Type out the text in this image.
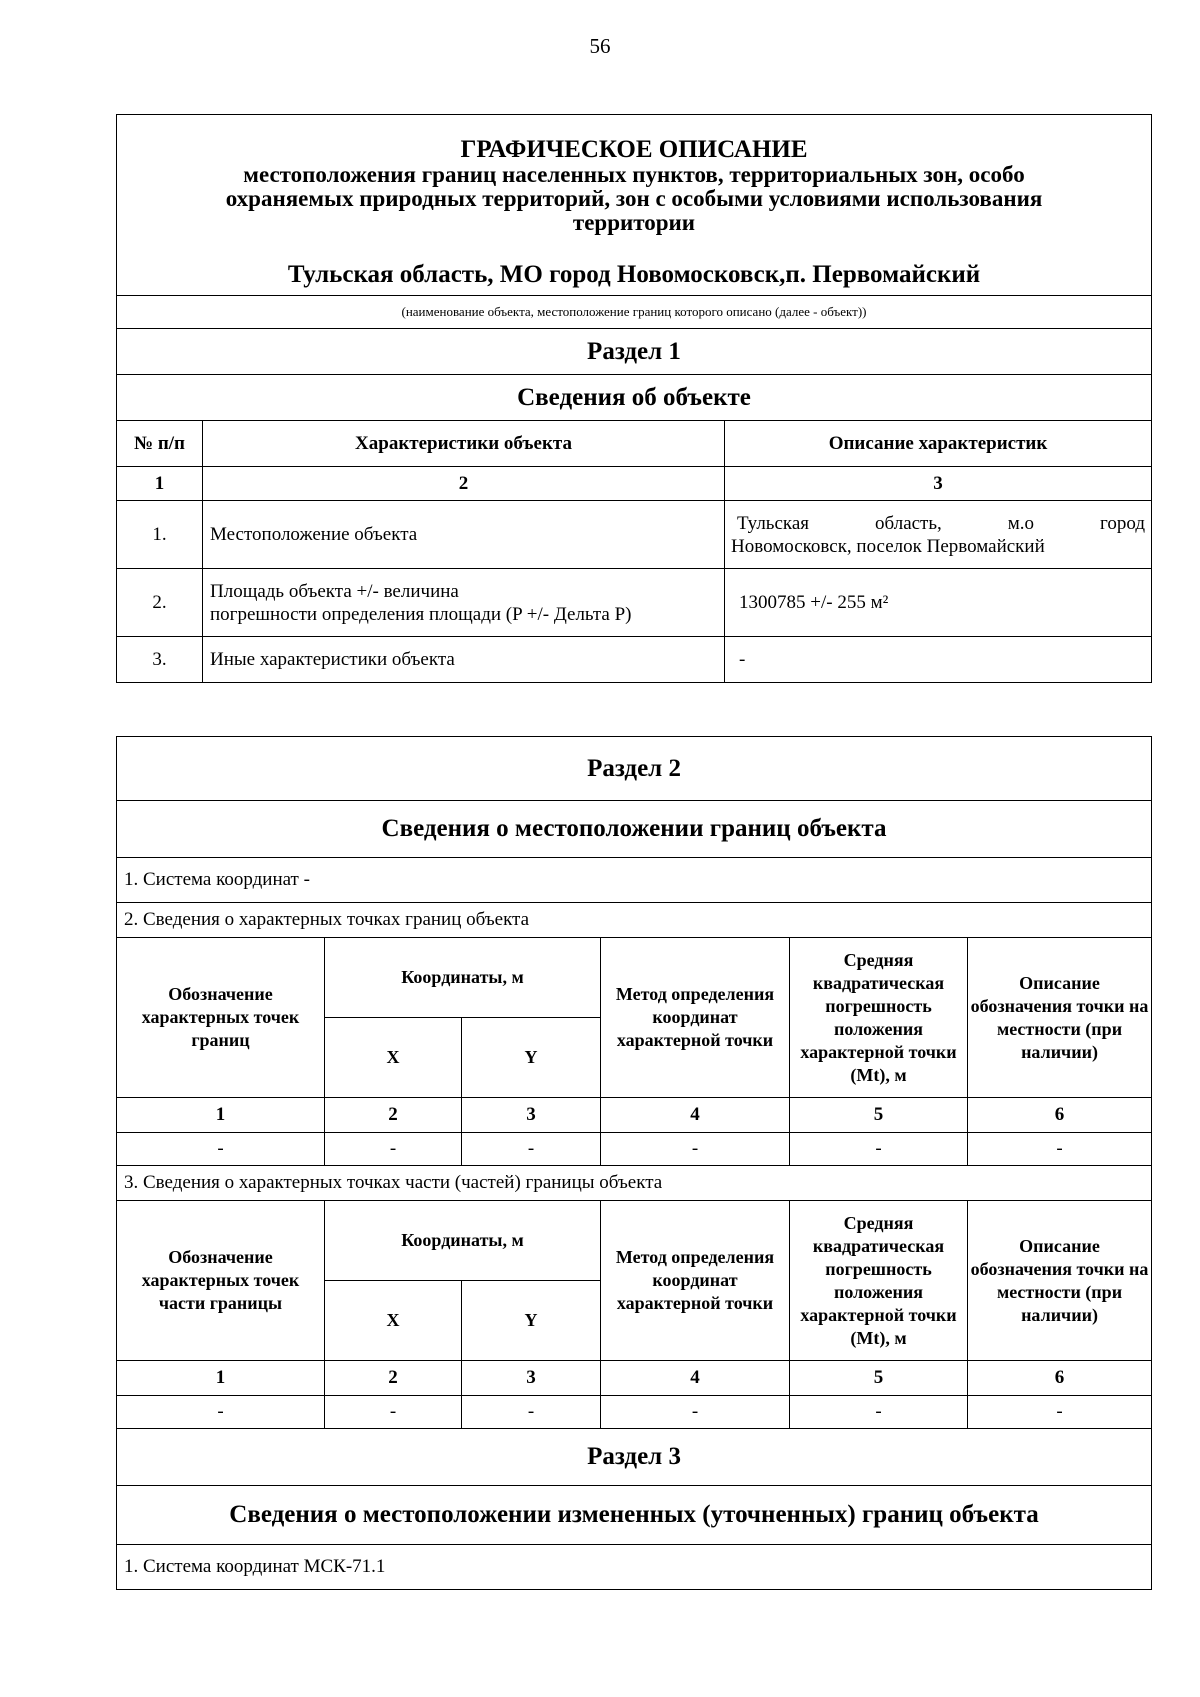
56
ГРАФИЧЕСКОЕ ОПИСАНИЕ
местоположения границ населенных пунктов, территориальных зон, особо
охраняемых природных территорий, зон с особыми условиями использования
территории
Тульская область, МО город Новомосковск,п. Первомайский		

(наименование объекта, местоположение границ которого описано (далее - объект))		
Раздел 1		
Сведения об объекте		
№ п/п	Характеристики объекта	Описание характеристик
1	2	3
1.	Местоположение объекта	Тульская область, м.о город
Новомосковск, поселок Первомайский

2.	Площадь объекта +/- величина
погрешности определения площади (P +/- Дельта P)	1300785 +/- 255 м²
3.	Иные характеристики объекта	-
Раздел 2					
Сведения о местоположении границ объекта					
1. Система координат -					
2. Сведения о характерных точках границ объекта					
Обозначение характерных точек границ	Координаты, м		Метод определения координат характерной точки	Средняя квадратическая погрешность положения характерной точки (Mt), м	Описание обозначения точки на местности (при наличии)
	X	Y			
1	2	3	4	5	6
-	-	-	-	-	-
3. Сведения о характерных точках части (частей) границы объекта					
Обозначение характерных точек части границы	Координаты, м		Метод определения координат характерной точки	Средняя квадратическая погрешность положения характерной точки (Mt), м	Описание обозначения точки на местности (при наличии)
	X	Y			
1	2	3	4	5	6
-	-	-	-	-	-
Раздел 3					
Сведения о местоположении измененных (уточненных) границ объекта					
1. Система координат МСК-71.1					
